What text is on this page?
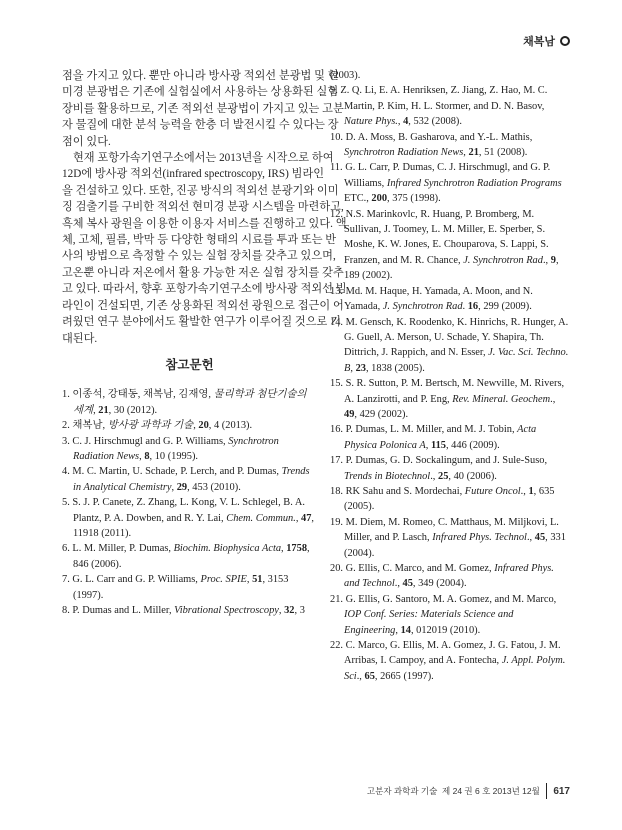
채복남
점을 가지고 있다. 뿐만 아니라 방사광 적외선 분광법 및 현
미경 분광법은 기존에 실험실에서 사용하는 상용화된 실험
장비를 활용하므로, 기존 적외선 분광법이 가지고 있는 고분
자 물질에 대한 분석 능력을 한층 더 발전시킬 수 있다는 장
점이 있다.
현재 포항가속기연구소에서는 2013년을 시작으로 하여
12D에 방사광 적외선(infrared spectroscopy, IRS) 빔라인
을 건설하고 있다. 또한, 진공 방식의 적외선 분광기와 이미
징 검출기를 구비한 적외선 현미경 분광 시스템을 마련하고,
흑체 복사 광원을 이용한 이용자 서비스를 진행하고 있다. 액
체, 고체, 필름, 박막 등 다양한 형태의 시료를 투과 또는 반
사의 방법으로 측정할 수 있는 실험 장치를 갖추고 있으며,
고온뿐 아니라 저온에서 활용 가능한 저온 실험 장치를 갖추
고 있다. 따라서, 향후 포항가속기연구소에 방사광 적외선 빔
라인이 건설되면, 기존 상용화된 적외선 광원으로 접근이 어
려웠던 연구 분야에서도 활발한 연구가 이루어질 것으로 기
대된다.
참고문헌

1. 이종석, 강태동, 채복남, 김재영, 물리학과 첨단기술의 세계, 21, 30 (2012).

2. 채복남, 방사광 과학과 기술, 20, 4 (2013).

3. C. J. Hirschmugl and G. P. Williams, Synchrotron Radiation News, 8, 10 (1995).

4. M. C. Martin, U. Schade, P. Lerch, and P. Dumas, Trends in Analytical Chemistry, 29, 453 (2010).

5. S. J. P. Canete, Z. Zhang, L. Kong, V. L. Schlegel, B. A. Plantz, P. A. Dowben, and R. Y. Lai, Chem. Commun., 47, 11918 (2011).

6. L. M. Miller, P. Dumas, Biochim. Biophysica Acta, 1758, 846 (2006).

7. G. L. Carr and G. P. Williams, Proc. SPIE, 51, 3153 (1997).

8. P. Dumas and L. Miller, Vibrational Spectroscopy, 32, 3

(2003).

9. Z. Q. Li, E. A. Henriksen, Z. Jiang, Z. Hao, M. C. Martin, P. Kim, H. L. Stormer, and D. N. Basov, Nature Phys., 4, 532 (2008).

10. D. A. Moss, B. Gasharova, and Y.-L. Mathis, Synchrotron Radiation News, 21, 51 (2008).

11. G. L. Carr, P. Dumas, C. J. Hirschmugl, and G. P. Williams, Infrared Synchrotron Radiation Programs ETC., 200, 375 (1998).

12. N.S. Marinkovlc, R. Huang, P. Bromberg, M. Sullivan, J. Toomey, L. M. Miller, E. Sperber, S. Moshe, K. W. Jones, E. Chouparova, S. Lappi, S. Franzen, and M. R. Chance, J. Synchrotron Rad., 9, 189 (2002).

13. Md. M. Haque, H. Yamada, A. Moon, and N. Yamada, J. Synchrotron Rad. 16, 299 (2009).

14. M. Gensch, K. Roodenko, K. Hinrichs, R. Hunger, A. G. Guell, A. Merson, U. Schade, Y. Shapira, Th. Dittrich, J. Rappich, and N. Esser, J. Vac. Sci. Techno. B, 23, 1838 (2005).

15. S. R. Sutton, P. M. Bertsch, M. Newville, M. Rivers, A. Lanzirotti, and P. Eng, Rev. Mineral. Geochem., 49, 429 (2002).

16. P. Dumas, L. M. Miller, and M. J. Tobin, Acta Physica Polonica A, 115, 446 (2009).

17. P. Dumas, G. D. Sockalingum, and J. Sule-Suso, Trends in Biotechnol., 25, 40 (2006).

18. RK Sahu and S. Mordechai, Future Oncol., 1, 635 (2005).

19. M. Diem, M. Romeo, C. Matthaus, M. Miljkovi, L. Miller, and P. Lasch, Infrared Phys. Technol., 45, 331 (2004).

20. G. Ellis, C. Marco, and M. Gomez, Infrared Phys. and Technol., 45, 349 (2004).

21. G. Ellis, G. Santoro, M. A. Gomez, and M. Marco, IOP Conf. Series: Materials Science and Engineering, 14, 012019 (2010).

22. C. Marco, G. Ellis, M. A. Gomez, J. G. Fatou, J. M. Arribas, I. Campoy, and A. Fontecha, J. Appl. Polym. Sci., 65, 2665 (1997).

고분자 과학과 기술  제 24 권 6 호 2013년 12월 617
